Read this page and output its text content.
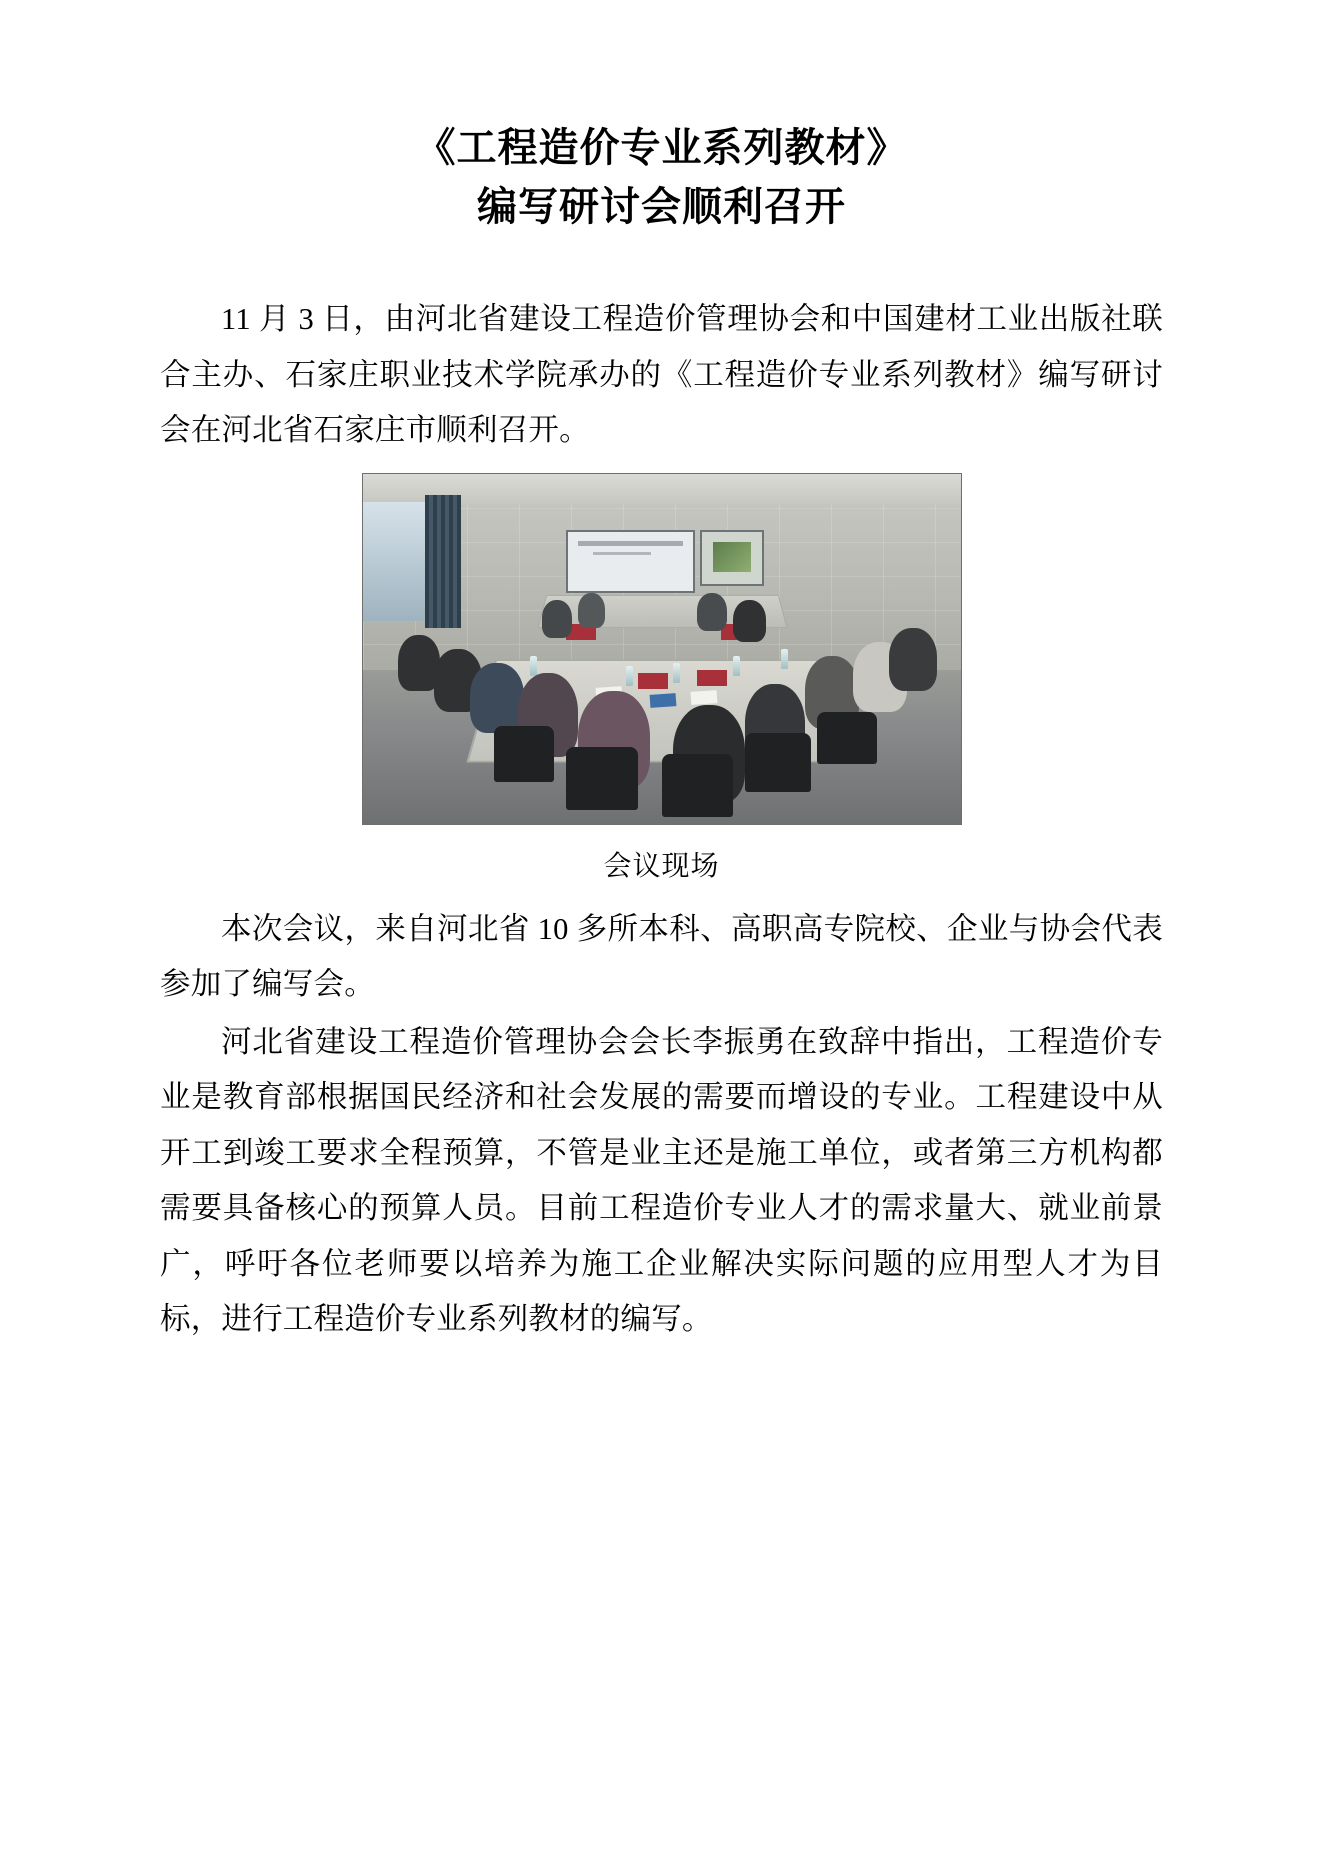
《工程造价专业系列教材》
编写研讨会顺利召开

11 月 3 日，由河北省建设工程造价管理协会和中国建材工业出版社联合主办、石家庄职业技术学院承办的《工程造价专业系列教材》编写研讨会在河北省石家庄市顺利召开。

会议现场

本次会议，来自河北省 10 多所本科、高职高专院校、企业与协会代表参加了编写会。

河北省建设工程造价管理协会会长李振勇在致辞中指出，工程造价专业是教育部根据国民经济和社会发展的需要而增设的专业。工程建设中从开工到竣工要求全程预算，不管是业主还是施工单位，或者第三方机构都需要具备核心的预算人员。目前工程造价专业人才的需求量大、就业前景广，呼吁各位老师要以培养为施工企业解决实际问题的应用型人才为目标，进行工程造价专业系列教材的编写。
